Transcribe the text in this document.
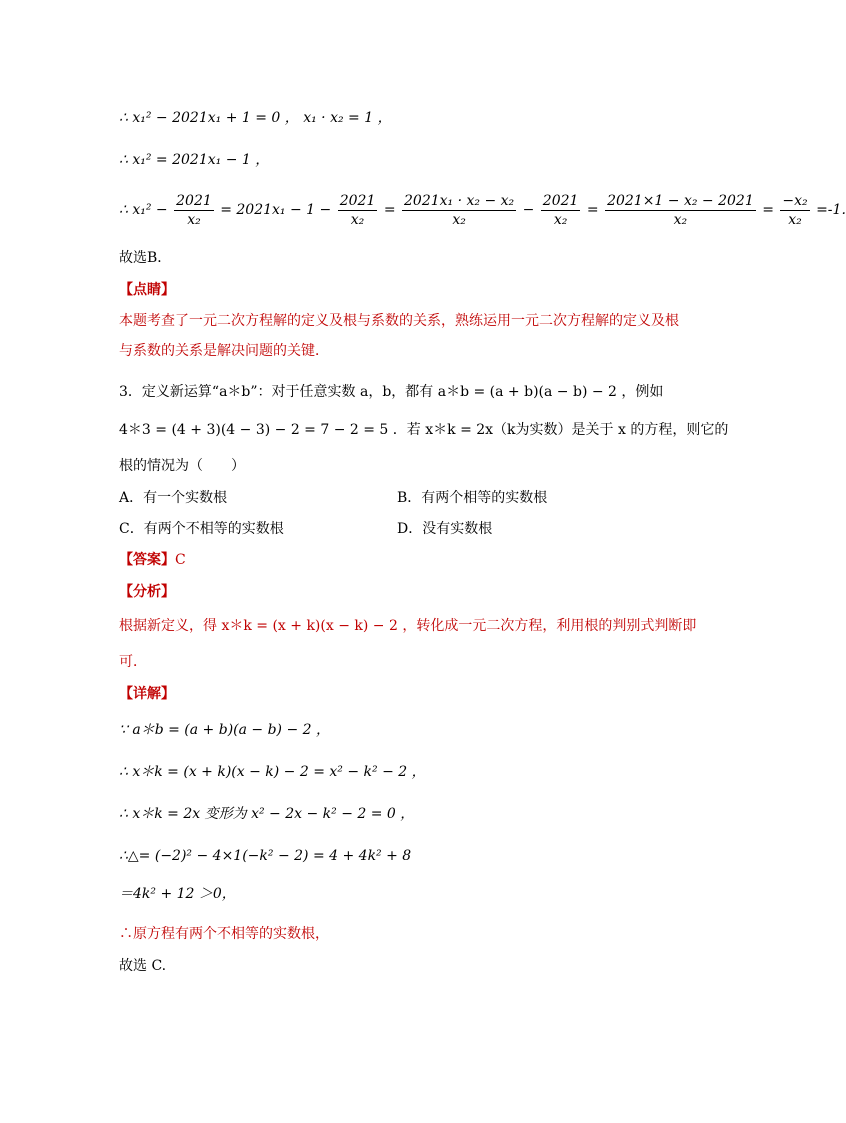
∴ x₁² − 2021x₁ + 1 = 0 ， x₁ · x₂ = 1 ，
∴ x₁² = 2021x₁ − 1 ，
∴ $x_1^2 - \frac{2021}{\text{x₂}} = 2021x_1 - 1 - \frac{2021}{\text{x₂}} = \frac{\text{2021x₁ · x₂ − x₂}}{\text{x₂}} - \frac{2021}{\text{x₂}} = \frac{\text{2021×1 − x₂ − 2021}}{\text{x₂}} = \frac{\text{−x₂}}{\text{x₂}} =-1$.
故选B．
【点睛】
本题考查了一元二次方程解的定义及根与系数的关系，熟练运用一元二次方程解的定义及根
与系数的关系是解决问题的关键．
3．定义新运算“a＊b”：对于任意实数 a，b，都有 a＊b = (a + b)(a − b) − 2 ，例如
4＊3 = (4 + 3)(4 − 3) − 2 = 7 − 2 = 5 ．若 x＊k = 2x（k为实数）是关于 x 的方程，则它的
根的情况为（　　）
A．有一个实数根	B．有两个相等的实数根
C．有两个不相等的实数根	D．没有实数根
【答案】C
【分析】
根据新定义，得 x＊k = (x + k)(x − k) − 2 ，转化成一元二次方程，利用根的判别式判断即
可．
【详解】
∵ a＊b = (a + b)(a − b) − 2 ，
∴ x＊k = (x + k)(x − k) − 2 = x² − k² − 2 ，
∴ x＊k = 2x 变形为 x² − 2x − k² − 2 = 0 ，
∴△= (−2)² − 4×1(−k² − 2) = 4 + 4k² + 8
＝4k² + 12 ＞0，
∴原方程有两个不相等的实数根，
故选 C.
